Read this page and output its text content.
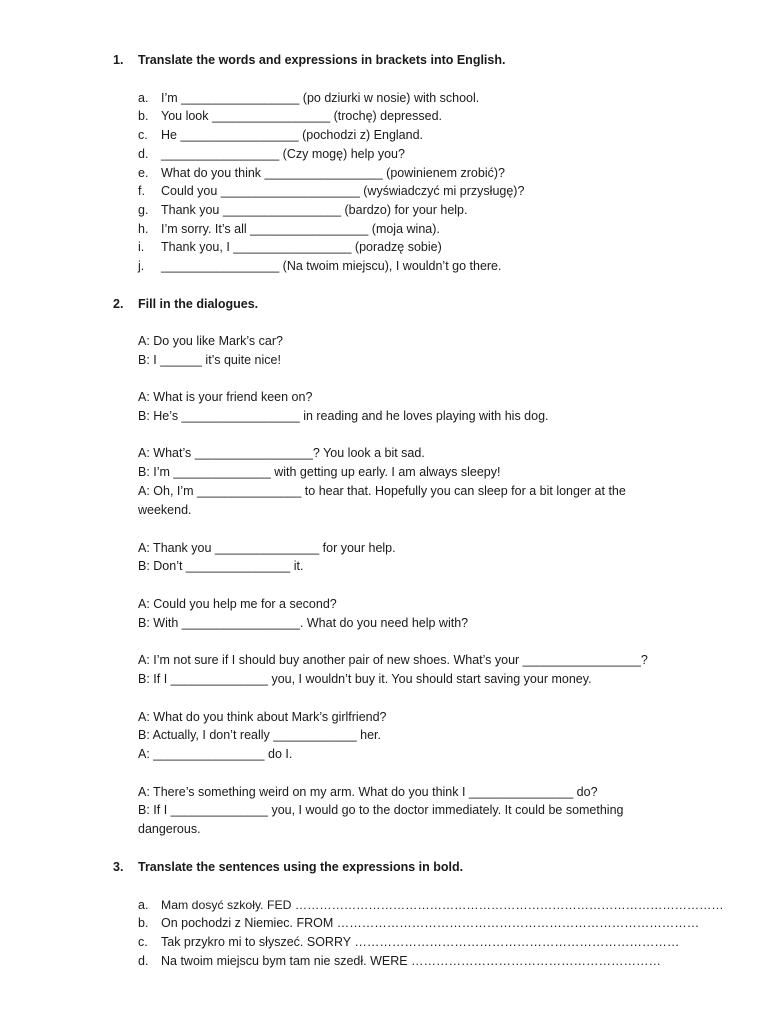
1. Translate the words and expressions in brackets into English.
a. I’m _________________ (po dziurki w nosie) with school.
b. You look _________________ (trochę) depressed.
c. He _________________ (pochodzi z) England.
d. _________________ (Czy mogę) help you?
e. What do you think _________________ (powinienem zrobić)?
f. Could you ____________________ (wyświadczyć mi przysługę)?
g. Thank you _________________ (bardzo) for your help.
h. I’m sorry. It’s all _________________ (moja wina).
i. Thank you, I _________________ (poradzę sobie)
j. _________________ (Na twoim miejscu), I wouldn’t go there.
2. Fill in the dialogues.
A: Do you like Mark’s car?
B: I ______ it’s quite nice!
A: What is your friend keen on?
B: He’s _________________ in reading and he loves playing with his dog.
A: What’s _________________? You look a bit sad.
B: I’m ______________ with getting up early. I am always sleepy!
A: Oh, I’m _______________ to hear that. Hopefully you can sleep for a bit longer at the
weekend.
A: Thank you _______________ for your help.
B: Don’t _______________ it.
A: Could you help me for a second?
B: With _________________. What do you need help with?
A: I’m not sure if I should buy another pair of new shoes. What’s your _________________?
B: If I ______________ you, I wouldn’t buy it. You should start saving your money.
A: What do you think about Mark’s girlfriend?
B: Actually, I don’t really ____________ her.
A: ________________ do I.
A: There’s something weird on my arm. What do you think I _______________ do?
B: If I ______________ you, I would go to the doctor immediately. It could be something
dangerous.
3. Translate the sentences using the expressions in bold.
a. Mam dosyć szkoły. FED ……………………………………………………………………………………………
b. On pochodzi z Niemiec. FROM ……………………………………………………………………………
c. Tak przykro mi to słyszeć. SORRY ……………………………………………………………………
d. Na twoim miejscu bym tam nie szedł. WERE ……………………………………………………
